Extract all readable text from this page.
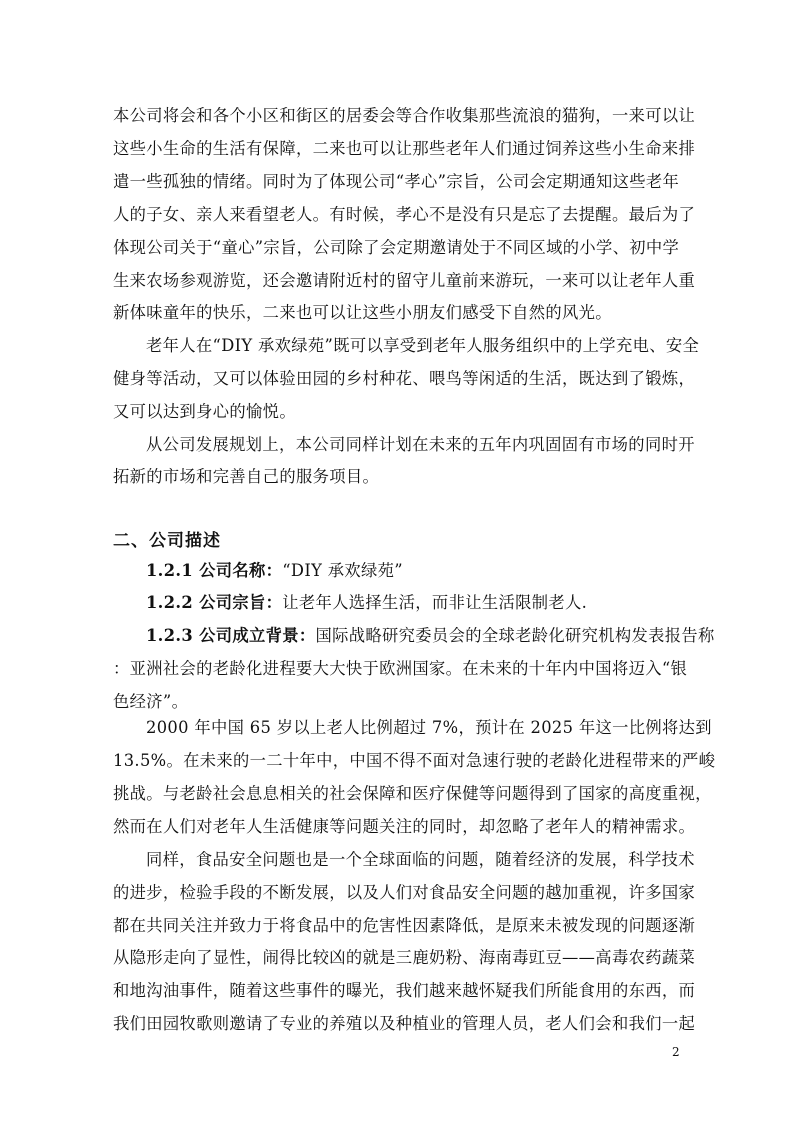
本公司将会和各个小区和街区的居委会等合作收集那些流浪的猫狗，一来可以让
这些小生命的生活有保障，二来也可以让那些老年人们通过饲养这些小生命来排
遣一些孤独的情绪。同时为了体现公司“孝心”宗旨，公司会定期通知这些老年
人的子女、亲人来看望老人。有时候，孝心不是没有只是忘了去提醒。最后为了
体现公司关于“童心”宗旨，公司除了会定期邀请处于不同区域的小学、初中学
生来农场参观游览，还会邀请附近村的留守儿童前来游玩，一来可以让老年人重
新体味童年的快乐，二来也可以让这些小朋友们感受下自然的风光。
老年人在“DIY 承欢绿苑”既可以享受到老年人服务组织中的上学充电、安全
健身等活动，又可以体验田园的乡村种花、喂鸟等闲适的生活，既达到了锻炼，
又可以达到身心的愉悦。
从公司发展规划上，本公司同样计划在未来的五年内巩固固有市场的同时开
拓新的市场和完善自己的服务项目。
二、公司描述
1.2.1 公司名称：“DIY 承欢绿苑”
1.2.2 公司宗旨：让老年人选择生活，而非让生活限制老人.
1.2.3 公司成立背景：国际战略研究委员会的全球老龄化研究机构发表报告称
：亚洲社会的老龄化进程要大大快于欧洲国家。在未来的十年内中国将迈入“银
色经济”。
2000 年中国 65 岁以上老人比例超过 7%，预计在 2025 年这一比例将达到
13.5%。在未来的一二十年中，中国不得不面对急速行驶的老龄化进程带来的严峻
挑战。与老龄社会息息相关的社会保障和医疗保健等问题得到了国家的高度重视，
然而在人们对老年人生活健康等问题关注的同时，却忽略了老年人的精神需求。
同样，食品安全问题也是一个全球面临的问题，随着经济的发展，科学技术
的进步，检验手段的不断发展，以及人们对食品安全问题的越加重视，许多国家
都在共同关注并致力于将食品中的危害性因素降低，是原来未被发现的问题逐渐
从隐形走向了显性，闹得比较凶的就是三鹿奶粉、海南毒豇豆——高毒农药蔬菜
和地沟油事件，随着这些事件的曝光，我们越来越怀疑我们所能食用的东西，而
我们田园牧歌则邀请了专业的养殖以及种植业的管理人员，老人们会和我们一起
2
